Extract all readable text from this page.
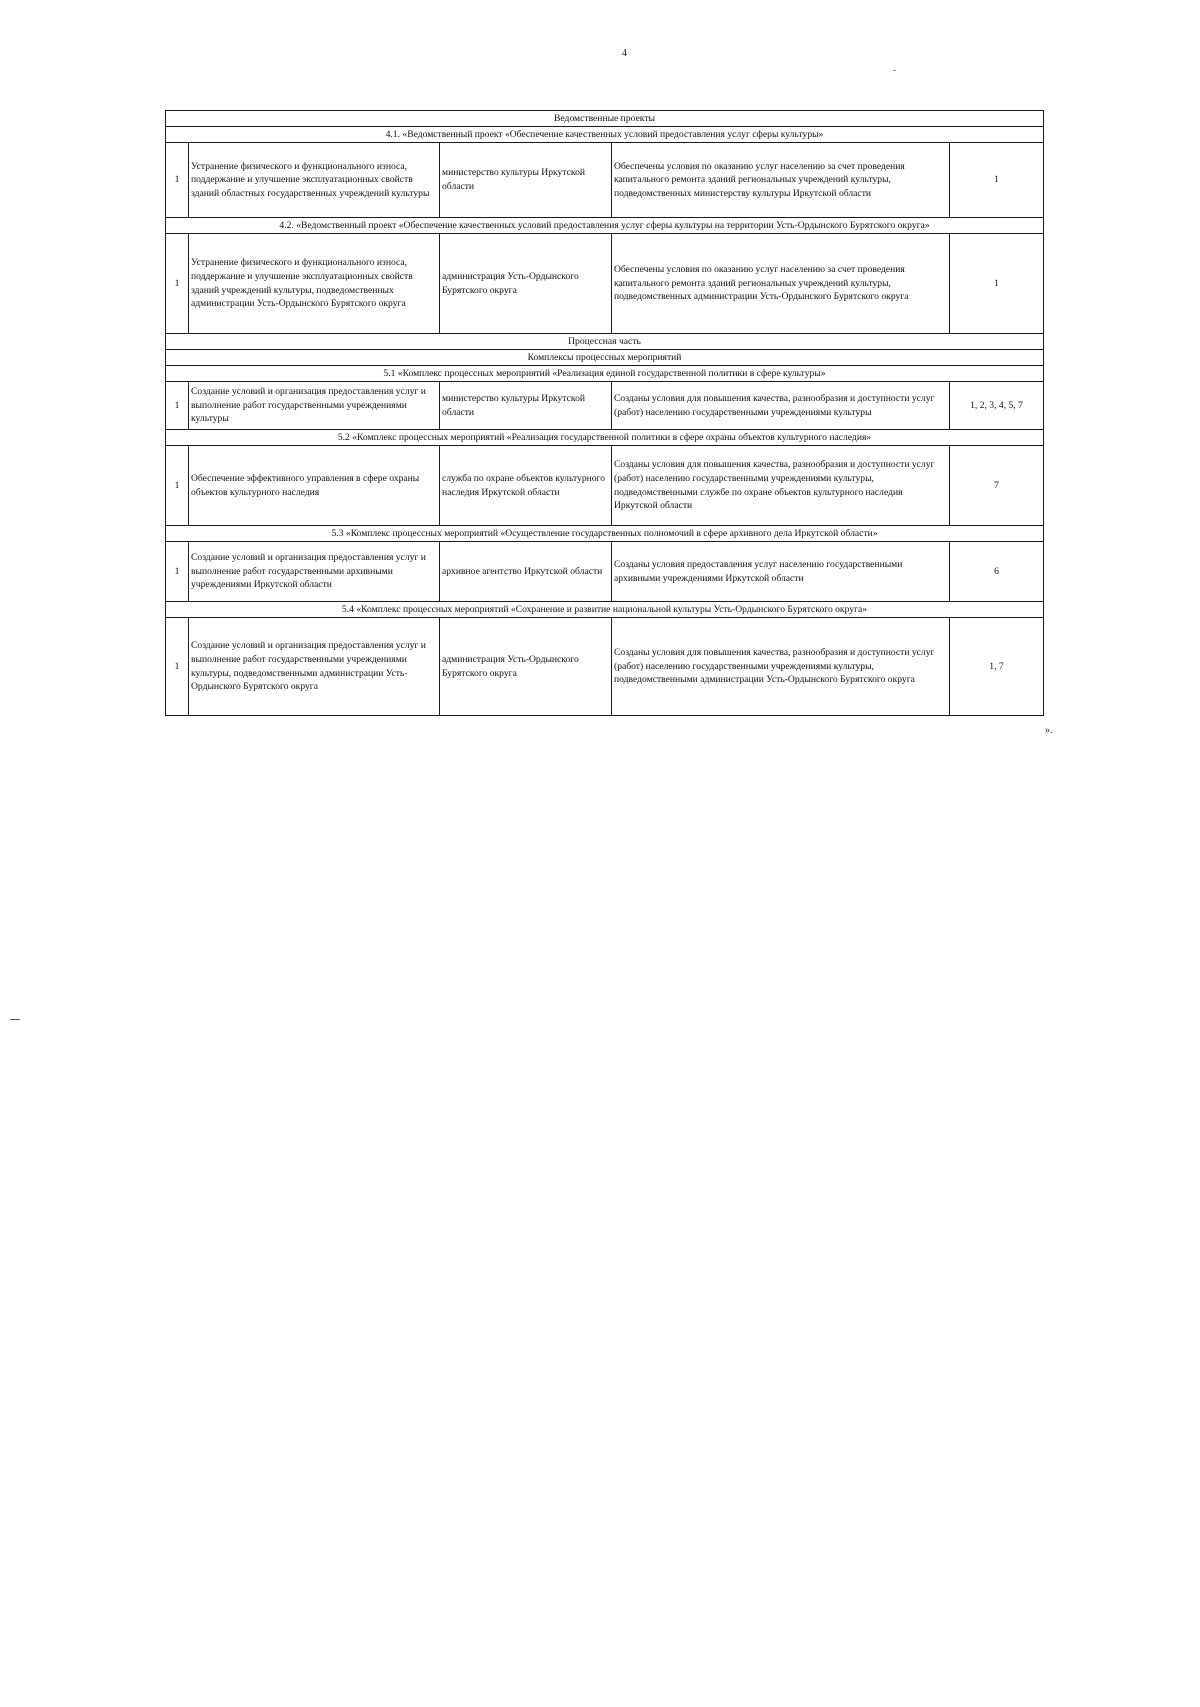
4
Ведомственные проекты				
4.1. «Ведомственный проект «Обеспечение качественных условий предоставления услуг сферы культуры»				
1	Устранение физического и функционального износа, поддержание и улучшение эксплуатационных свойств зданий областных государственных учреждений культуры	министерство культуры Иркутской области	Обеспечены условия по оказанию услуг населению за счет проведения капитального ремонта зданий региональных учреждений культуры, подведомственных министерству культуры Иркутской области	1
4.2. «Ведомственный проект «Обеспечение качественных условий предоставления услуг сферы культуры на территории Усть-Ордынского Бурятского округа»				
1	Устранение физического и функционального износа, поддержание и улучшение эксплуатационных свойств зданий учреждений культуры, подведомственных администрации Усть-Ордынского Бурятского округа	администрация Усть-Ордынского Бурятского округа	Обеспечены условия по оказанию услуг населению за счет проведения капитального ремонта зданий региональных учреждений культуры, подведомственных администрации Усть-Ордынского Бурятского округа	1
Процессная часть				
Комплексы процессных мероприятий				
5.1 «Комплекс процессных мероприятий «Реализация единой государственной политики в сфере культуры»				
1	Создание условий и организация предоставления услуг и выполнение работ государственными учреждениями культуры	министерство культуры Иркутской области	Созданы условия для повышения качества, разнообразия и доступности услуг (работ) населению государственными учреждениями культуры	1, 2, 3, 4, 5, 7
5.2 «Комплекс процессных мероприятий «Реализация государственной политики в сфере охраны объектов культурного наследия»				
1	Обеспечение эффективного управления в сфере охраны объектов культурного наследия	служба по охране объектов культурного наследия Иркутской области	Созданы условия для повышения качества, разнообразия и доступности услуг (работ) населению государственными учреждениями культуры, подведомственными службе по охране объектов культурного наследия Иркутской области	7
5.3 «Комплекс процессных мероприятий «Осуществление государственных полномочий в сфере архивного дела Иркутской области»				
1	Создание условий и организация предоставления услуг и выполнение работ государственными архивными учреждениями Иркутской области	архивное агентство Иркутской области	Созданы условия предоставления услуг населению государственными архивными учреждениями Иркутской области	6
5.4 «Комплекс процессных мероприятий «Сохранение и развитие национальной культуры Усть-Ордынского Бурятского округа»				
1	Создание условий и организация предоставления услуг и выполнение работ государственными учреждениями культуры, подведомственными администрации Усть-Ордынского Бурятского округа	администрация Усть-Ордынского Бурятского округа	Созданы условия для повышения качества, разнообразия и доступности услуг (работ) населению государственными учреждениями культуры, подведомственными администрации Усть-Ордынского Бурятского округа	1, 7
».
